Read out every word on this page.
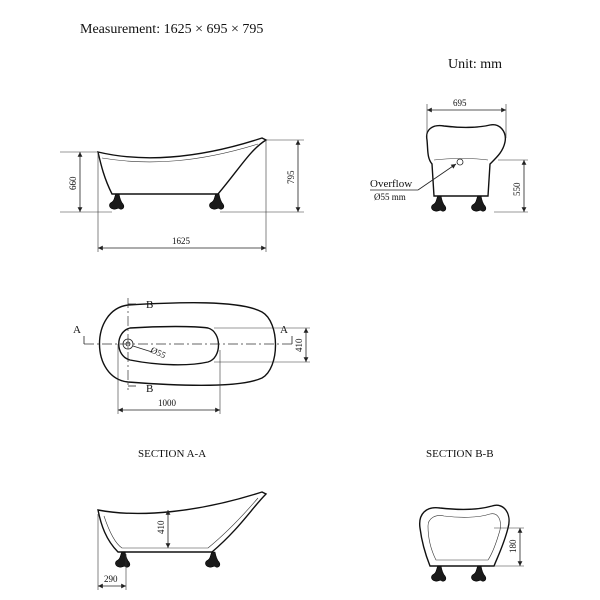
Measurement: 1625 × 695 × 795
Unit: mm
1625
660	795
695
550
Overflow
Ø55 mm
A	A
B
B
Ø55	410
1000
SECTION A-A
410
290
SECTION B-B
180
